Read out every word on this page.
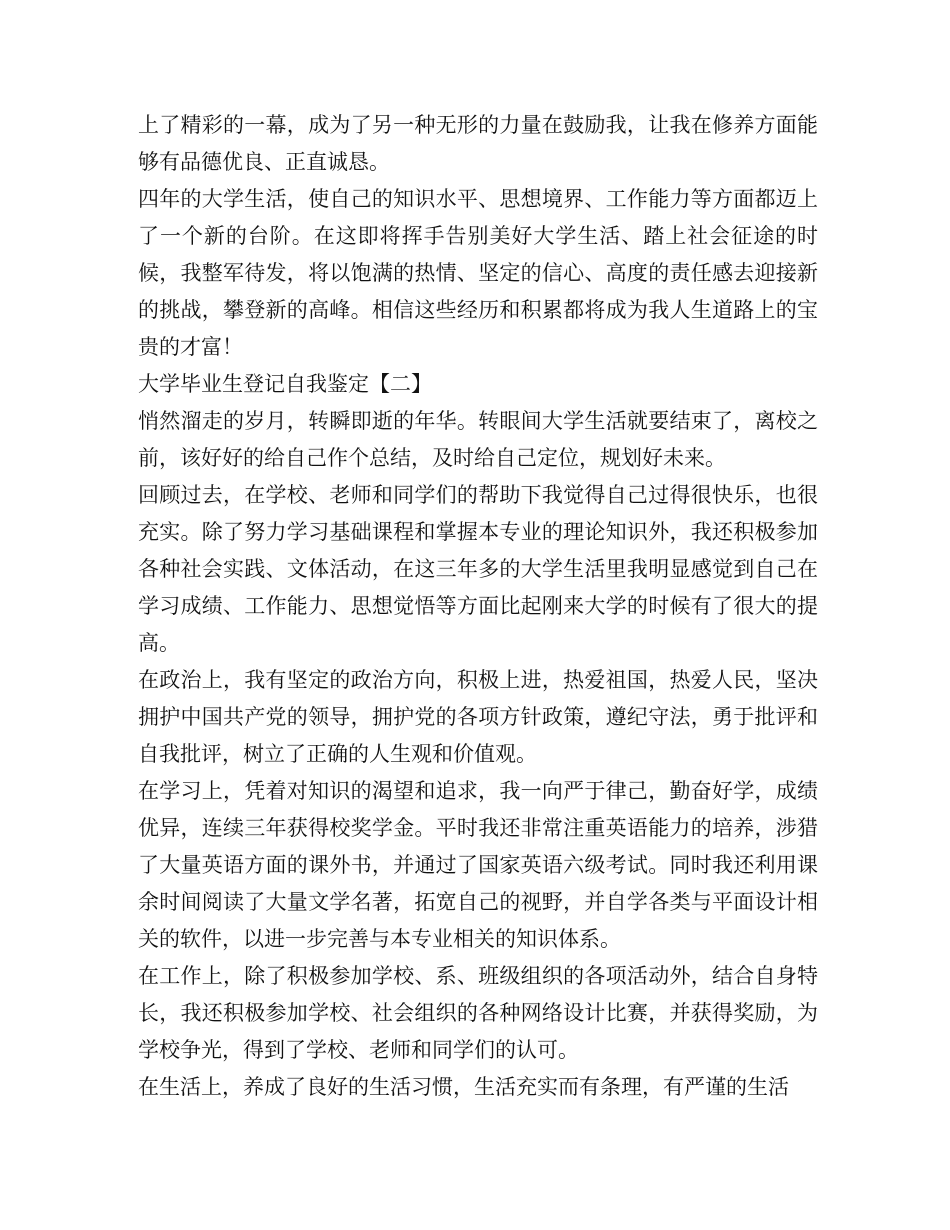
上了精彩的一幕，成为了另一种无形的力量在鼓励我，让我在修养方面能够有品德优良、正直诚恳。

四年的大学生活，使自己的知识水平、思想境界、工作能力等方面都迈上了一个新的台阶。在这即将挥手告别美好大学生活、踏上社会征途的时候，我整军待发，将以饱满的热情、坚定的信心、高度的责任感去迎接新的挑战，攀登新的高峰。相信这些经历和积累都将成为我人生道路上的宝贵的才富！

大学毕业生登记自我鉴定【二】

悄然溜走的岁月，转瞬即逝的年华。转眼间大学生活就要结束了，离校之前，该好好的给自己作个总结，及时给自己定位，规划好未来。

回顾过去，在学校、老师和同学们的帮助下我觉得自己过得很快乐，也很充实。除了努力学习基础课程和掌握本专业的理论知识外，我还积极参加各种社会实践、文体活动，在这三年多的大学生活里我明显感觉到自己在学习成绩、工作能力、思想觉悟等方面比起刚来大学的时候有了很大的提高。

在政治上，我有坚定的政治方向，积极上进，热爱祖国，热爱人民，坚决拥护中国共产党的领导，拥护党的各项方针政策，遵纪守法，勇于批评和自我批评，树立了正确的人生观和价值观。

在学习上，凭着对知识的渴望和追求，我一向严于律己，勤奋好学，成绩优异，连续三年获得校奖学金。平时我还非常注重英语能力的培养，涉猎了大量英语方面的课外书，并通过了国家英语六级考试。同时我还利用课余时间阅读了大量文学名著，拓宽自己的视野，并自学各类与平面设计相关的软件，以进一步完善与本专业相关的知识体系。

在工作上，除了积极参加学校、系、班级组织的各项活动外，结合自身特长，我还积极参加学校、社会组织的各种网络设计比赛，并获得奖励，为学校争光，得到了学校、老师和同学们的认可。

在生活上，养成了良好的生活习惯，生活充实而有条理，有严谨的生活
